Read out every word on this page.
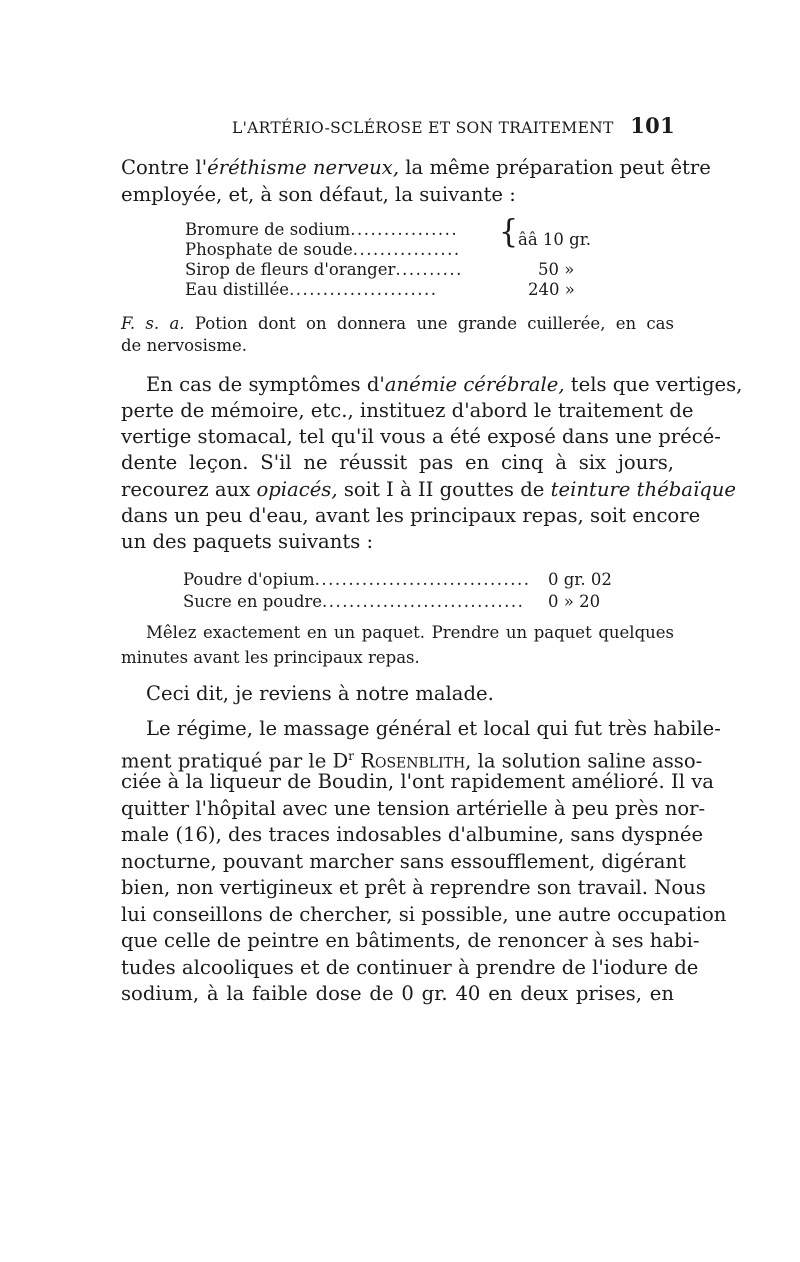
L'ARTÉRIO-SCLÉROSE ET SON TRAITEMENT 101
Contre l'éréthisme nerveux, la même préparation peut être
employée, et, à son défaut, la suivante :
Bromure de sodium................
Phosphate de soude................ { ââ 10 gr.
Sirop de fleurs d'oranger..........	50 »
Eau distillée......................	240 »
F. s. a. Potion dont on donnera une grande cuillerée, en cas
de nervosisme.
En cas de symptômes d'anémie cérébrale, tels que vertiges,
perte de mémoire, etc., instituez d'abord le traitement de
vertige stomacal, tel qu'il vous a été exposé dans une précé-
dente leçon. S'il ne réussit pas en cinq à six jours,
recourez aux opiacés, soit I à II gouttes de teinture thébaïque
dans un peu d'eau, avant les principaux repas, soit encore
un des paquets suivants :
Poudre d'opium................................ 0 gr. 02
Sucre en poudre.............................. 0 » 20
Mêlez exactement en un paquet. Prendre un paquet quelques
minutes avant les principaux repas.
Ceci dit, je reviens à notre malade.
Le régime, le massage général et local qui fut très habile-
ment pratiqué par le $D^r$ Rosenblith, la solution saline asso-
ciée à la liqueur de Boudin, l'ont rapidement amélioré. Il va
quitter l'hôpital avec une tension artérielle à peu près nor-
male (16), des traces indosables d'albumine, sans dyspnée
nocturne, pouvant marcher sans essoufflement, digérant
bien, non vertigineux et prêt à reprendre son travail. Nous
lui conseillons de chercher, si possible, une autre occupation
que celle de peintre en bâtiments, de renoncer à ses habi-
tudes alcooliques et de continuer à prendre de l'iodure de
sodium, à la faible dose de 0 gr. 40 en deux prises, en
